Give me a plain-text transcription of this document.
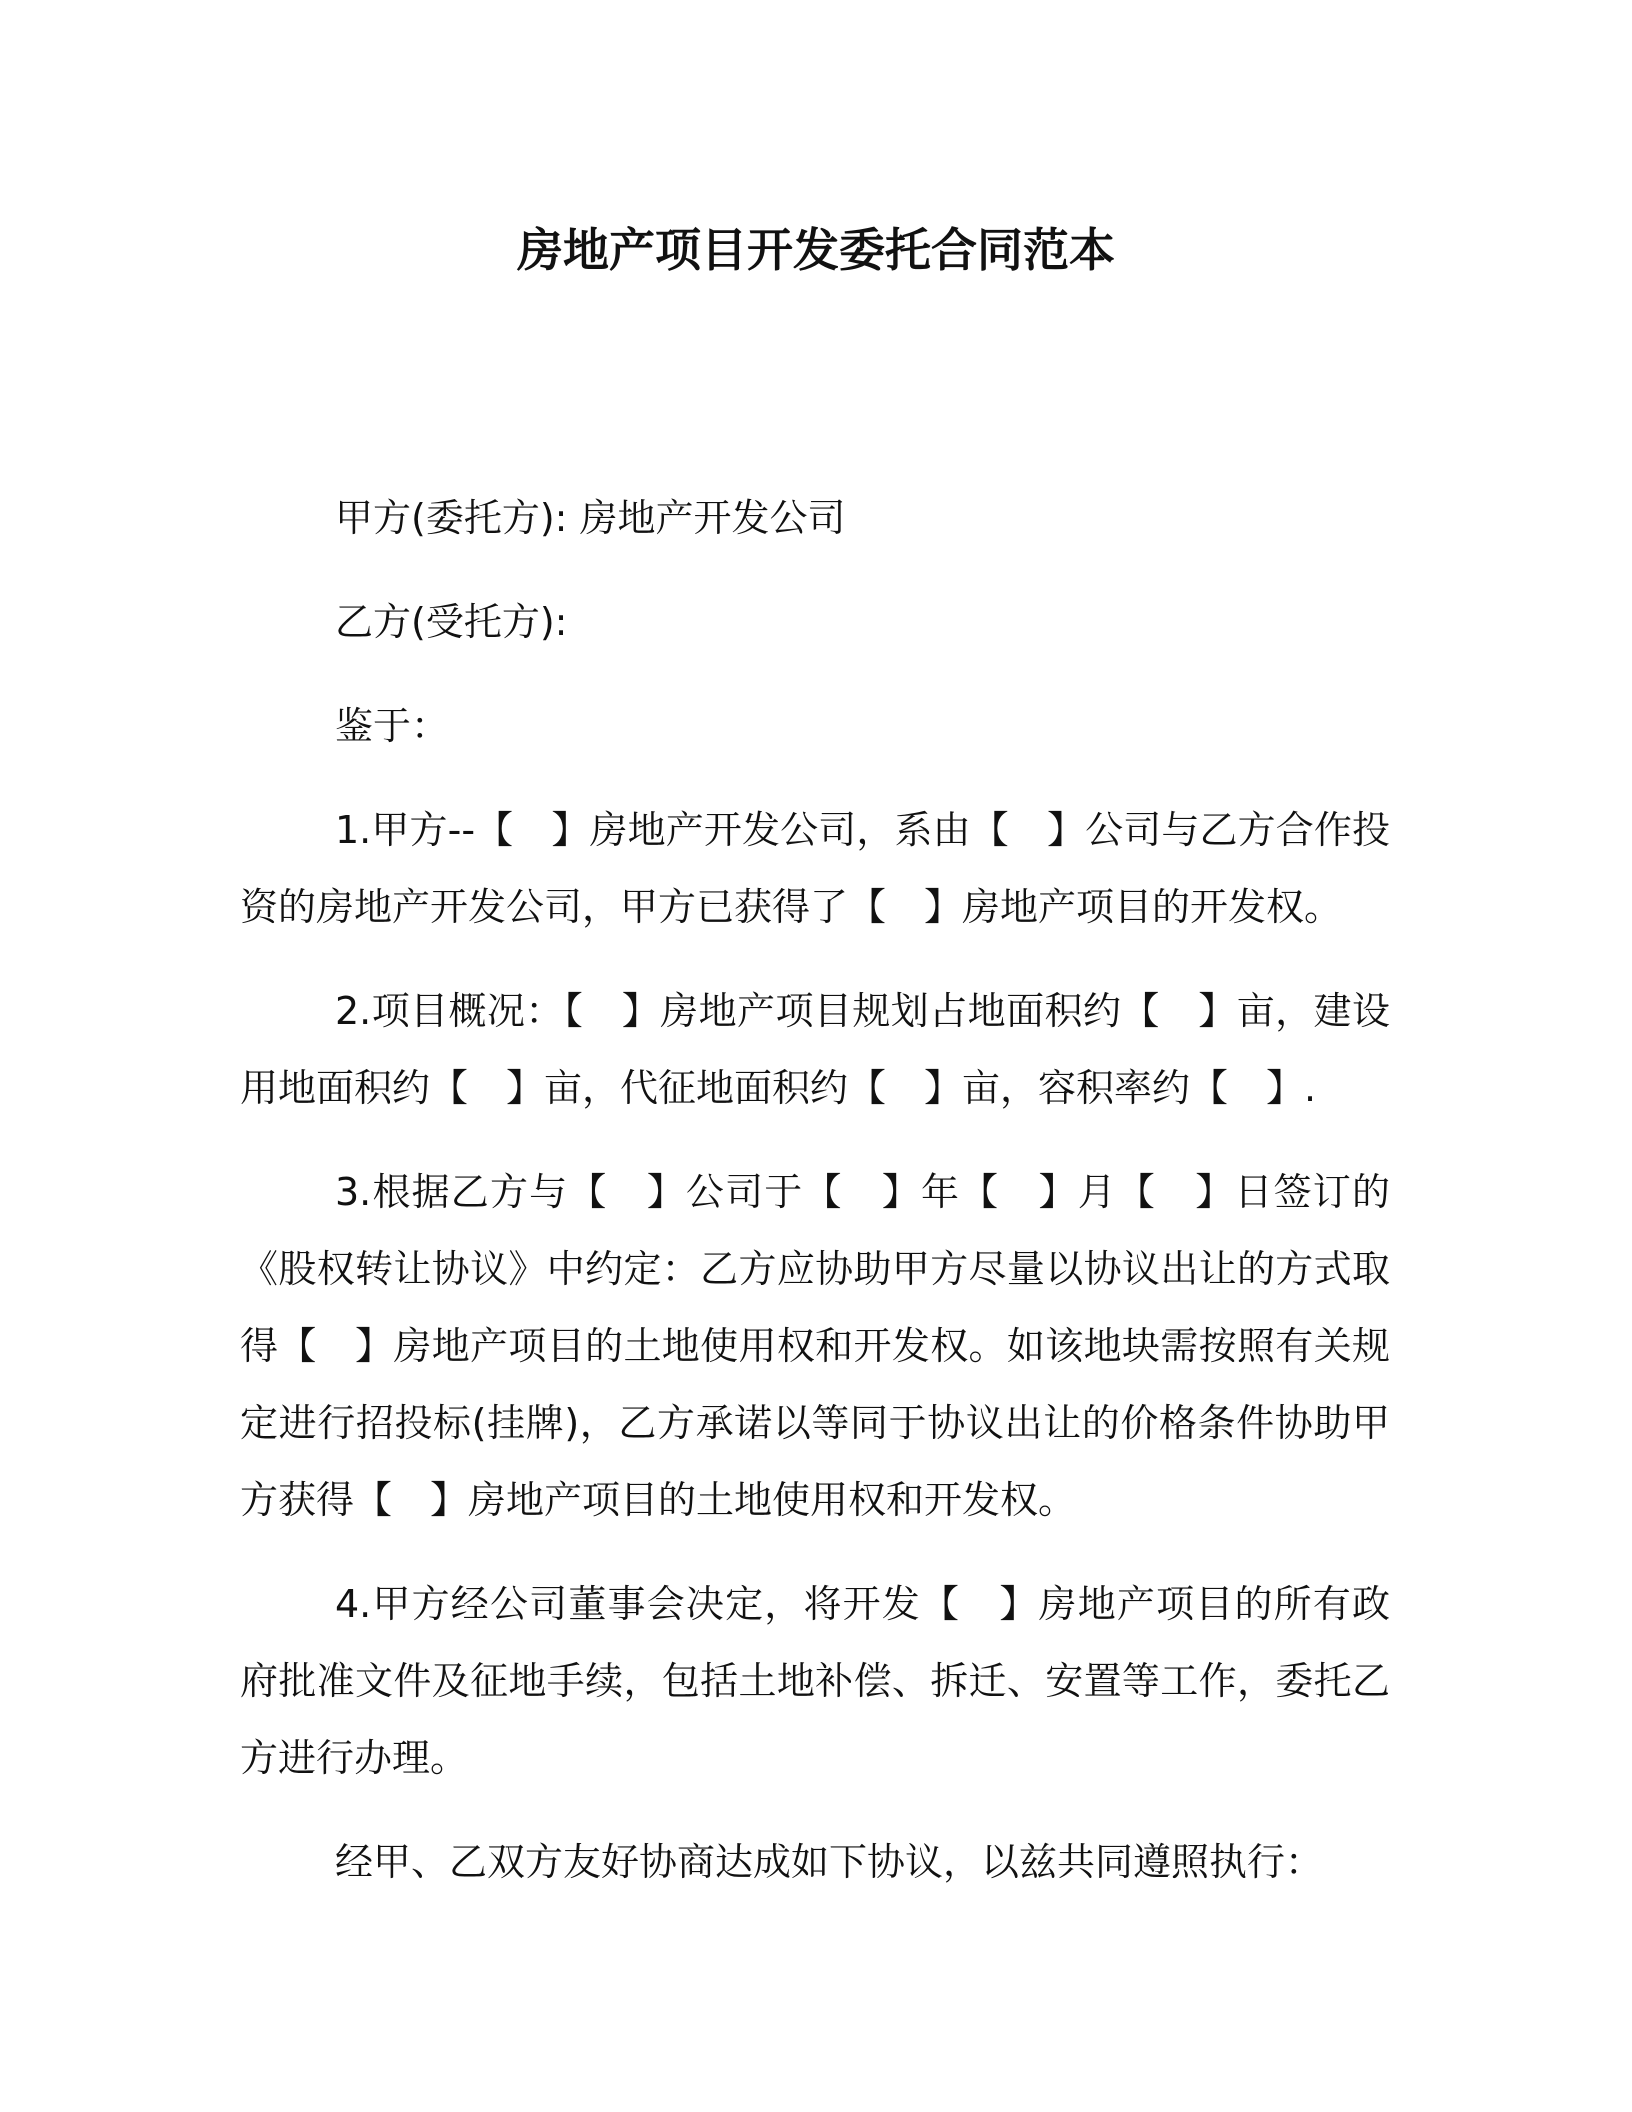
房地产项目开发委托合同范本

甲方(委托方): 房地产开发公司

乙方(受托方):

鉴于：

1.甲方--【　】房地产开发公司，系由【　】公司与乙方合作投资的房地产开发公司，甲方已获得了【　】房地产项目的开发权。

2.项目概况：【　】房地产项目规划占地面积约【　】亩，建设用地面积约【　】亩，代征地面积约【　】亩，容积率约【　】.

3.根据乙方与【　】公司于【　】年【　】月【　】日签订的《股权转让协议》中约定：乙方应协助甲方尽量以协议出让的方式取得【　】房地产项目的土地使用权和开发权。如该地块需按照有关规定进行招投标(挂牌)，乙方承诺以等同于协议出让的价格条件协助甲方获得【　】房地产项目的土地使用权和开发权。

4.甲方经公司董事会决定，将开发【　】房地产项目的所有政府批准文件及征地手续，包括土地补偿、拆迁、安置等工作，委托乙方进行办理。

经甲、乙双方友好协商达成如下协议，以兹共同遵照执行：
